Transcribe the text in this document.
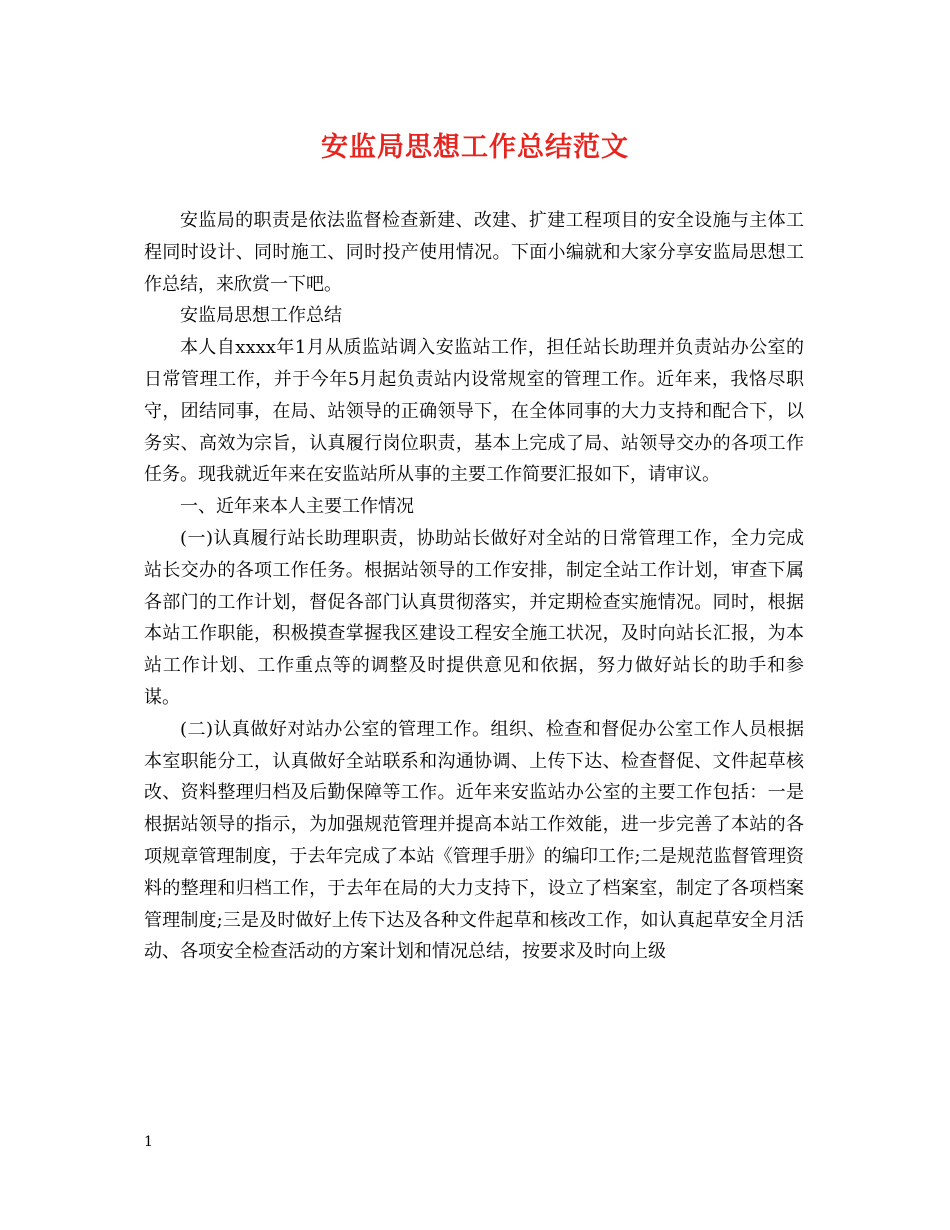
安监局思想工作总结范文

安监局的职责是依法监督检查新建、改建、扩建工程项目的安全设施与主体工程同时设计、同时施工、同时投产使用情况。下面小编就和大家分享安监局思想工作总结，来欣赏一下吧。

安监局思想工作总结

本人自xxxx年1月从质监站调入安监站工作，担任站长助理并负责站办公室的日常管理工作，并于今年5月起负责站内设常规室的管理工作。近年来，我恪尽职守，团结同事，在局、站领导的正确领导下，在全体同事的大力支持和配合下，以务实、高效为宗旨，认真履行岗位职责，基本上完成了局、站领导交办的各项工作任务。现我就近年来在安监站所从事的主要工作简要汇报如下，请审议。

一、近年来本人主要工作情况

(一)认真履行站长助理职责，协助站长做好对全站的日常管理工作，全力完成站长交办的各项工作任务。根据站领导的工作安排，制定全站工作计划，审查下属各部门的工作计划，督促各部门认真贯彻落实，并定期检查实施情况。同时，根据本站工作职能，积极摸查掌握我区建设工程安全施工状况，及时向站长汇报，为本站工作计划、工作重点等的调整及时提供意见和依据，努力做好站长的助手和参谋。

(二)认真做好对站办公室的管理工作。组织、检查和督促办公室工作人员根据本室职能分工，认真做好全站联系和沟通协调、上传下达、检查督促、文件起草核改、资料整理归档及后勤保障等工作。近年来安监站办公室的主要工作包括：一是根据站领导的指示，为加强规范管理并提高本站工作效能，进一步完善了本站的各项规章管理制度，于去年完成了本站《管理手册》的编印工作;二是规范监督管理资料的整理和归档工作，于去年在局的大力支持下，设立了档案室，制定了各项档案管理制度;三是及时做好上传下达及各种文件起草和核改工作，如认真起草安全月活动、各项安全检查活动的方案计划和情况总结，按要求及时向上级

1
